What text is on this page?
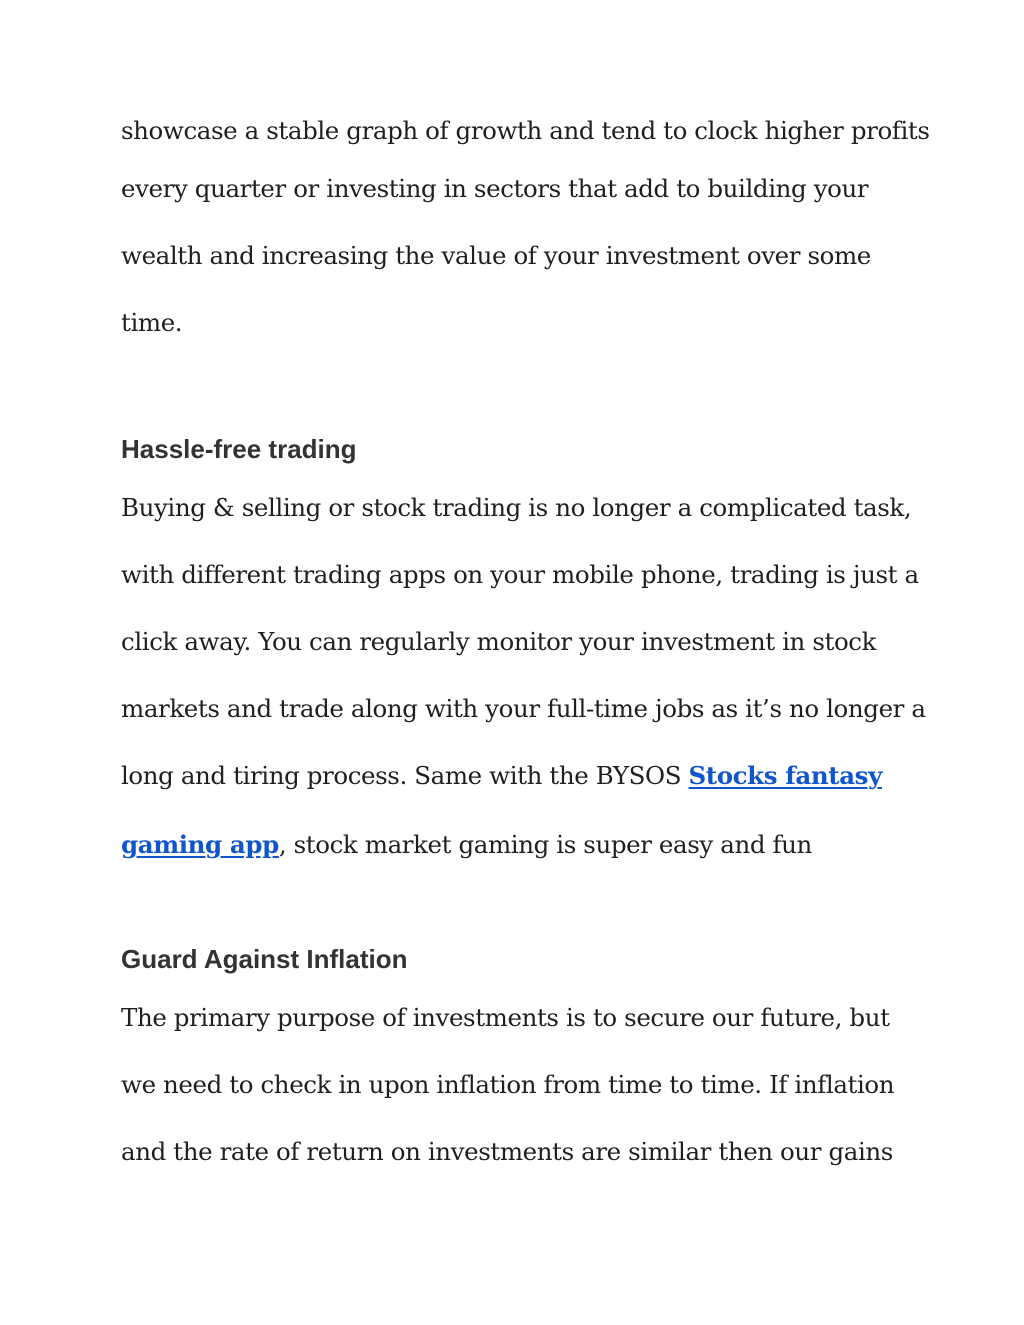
showcase a stable graph of growth and tend to clock higher profits
every quarter or investing in sectors that add to building your
wealth and increasing the value of your investment over some
time.
Hassle-free trading
Buying & selling or stock trading is no longer a complicated task,
with different trading apps on your mobile phone, trading is just a
click away. You can regularly monitor your investment in stock
markets and trade along with your full-time jobs as it’s no longer a
long and tiring process. Same with the BYSOS Stocks fantasy
gaming app, stock market gaming is super easy and fun
Guard Against Inflation
The primary purpose of investments is to secure our future, but
we need to check in upon inflation from time to time. If inflation
and the rate of return on investments are similar then our gains
